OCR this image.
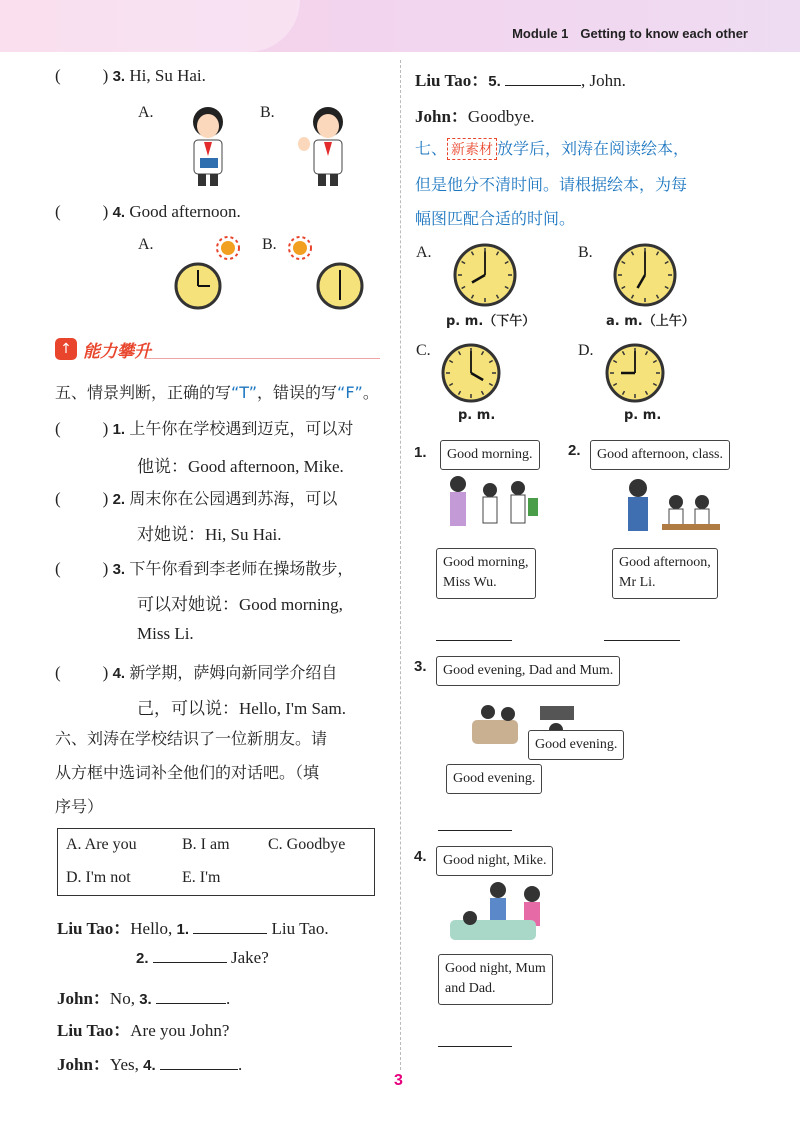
Module 1 Getting to know each other
( ) 3. Hi, Su Hai.
A.	B.
( ) 4. Good afternoon.
A.	B.
↑ 能力攀升
五、情景判断，正确的写“T”，错误的写“F”。
( ) 1. 上午你在学校遇到迈克，可以对
他说：Good afternoon, Mike.
( ) 2. 周末你在公园遇到苏海，可以
对她说：Hi, Su Hai.
( ) 3. 下午你看到李老师在操场散步，
可以对她说：Good morning,
Miss Li.
( ) 4. 新学期，萨姆向新同学介绍自
己，可以说：Hello, I'm Sam.
六、刘涛在学校结识了一位新朋友。请
从方框中选词补全他们的对话吧。（填
序号）
A. Are you	B. I am C. Goodbye
D. I'm not	E. I'm
Liu Tao：Hello, 1.	Liu Tao.
2.	Jake?
John：No, 3.	.
Liu Tao：Are you John?
John：Yes, 4.	.
Liu Tao：5.	, John.
John：Goodbye.
七、 新素材 放学后，刘涛在阅读绘本，
但是他分不清时间。请根据绘本，为每
幅图匹配合适的时间。
A.
p. m.（下午）
B.
a. m.（上午）
C.
p. m.
D.
p. m.
1.	Good morning.
Good morning,
Miss Wu.
2.	Good afternoon, class.
Good afternoon,
Mr Li.
3.	Good evening, Dad and Mum.
Good evening.
Good evening.
4.	Good night, Mike.
Good night, Mum
and Dad.
3
